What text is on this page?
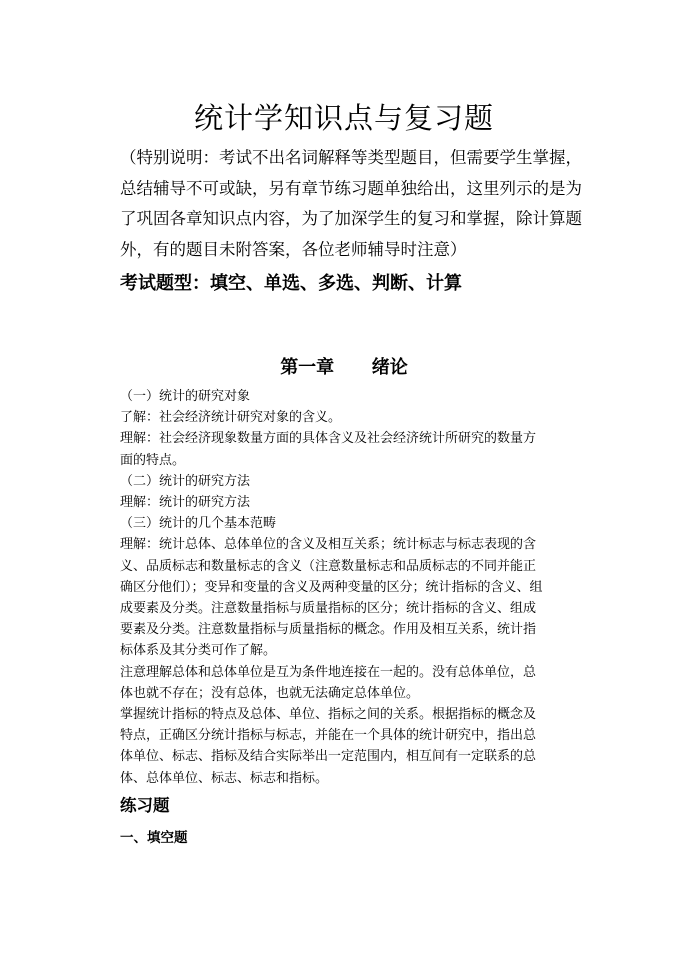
统计学知识点与复习题
（特别说明：考试不出名词解释等类型题目，但需要学生掌握，
总结辅导不可或缺，另有章节练习题单独给出，这里列示的是为
了巩固各章知识点内容，为了加深学生的复习和掌握，除计算题
外，有的题目未附答案，各位老师辅导时注意）
考试题型：填空、单选、多选、判断、计算
第一章      绪论
（一）统计的研究对象
了解：社会经济统计研究对象的含义。
理解：社会经济现象数量方面的具体含义及社会经济统计所研究的数量方
面的特点。
（二）统计的研究方法
理解：统计的研究方法
（三）统计的几个基本范畴
理解：统计总体、总体单位的含义及相互关系；统计标志与标志表现的含
义、品质标志和数量标志的含义（注意数量标志和品质标志的不同并能正
确区分他们）；变异和变量的含义及两种变量的区分；统计指标的含义、组
成要素及分类。注意数量指标与质量指标的区分；统计指标的含义、组成
要素及分类。注意数量指标与质量指标的概念。作用及相互关系，统计指
标体系及其分类可作了解。
注意理解总体和总体单位是互为条件地连接在一起的。没有总体单位，总
体也就不存在；没有总体，也就无法确定总体单位。
掌握统计指标的特点及总体、单位、指标之间的关系。根据指标的概念及
特点，正确区分统计指标与标志，并能在一个具体的统计研究中，指出总
体单位、标志、指标及结合实际举出一定范围内，相互间有一定联系的总
体、总体单位、标志、标志和指标。
练习题
一、填空题
